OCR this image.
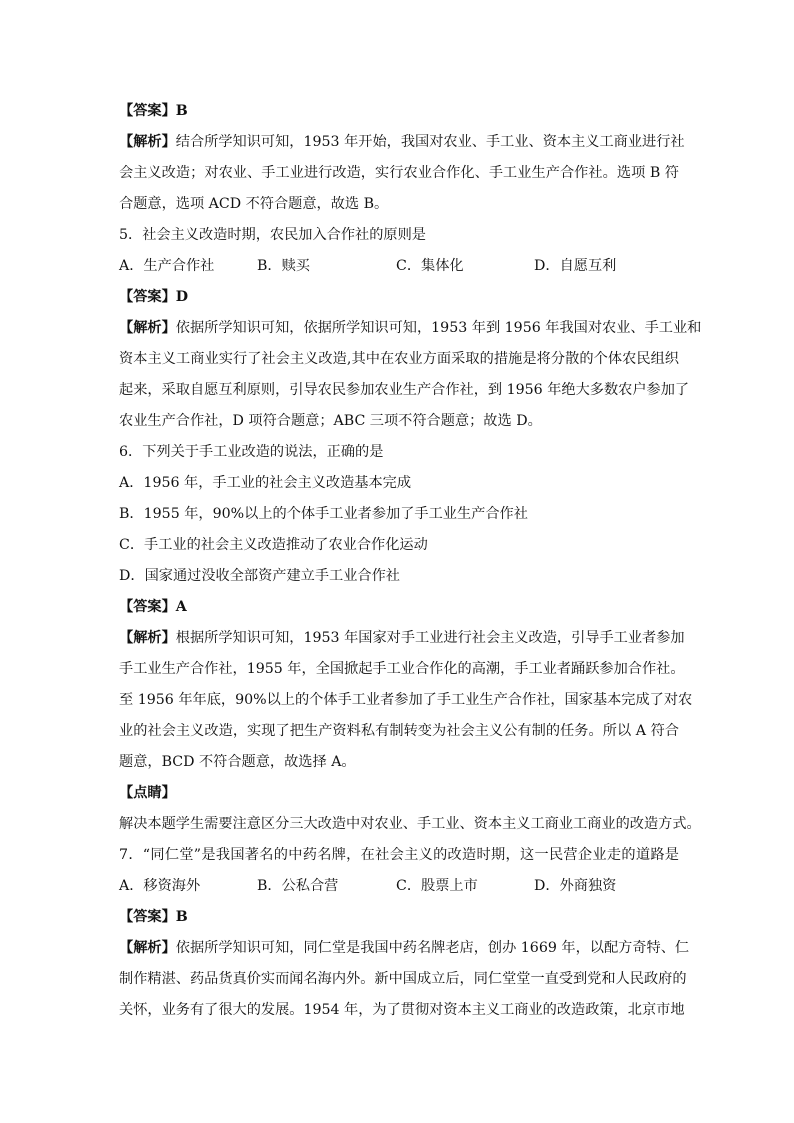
【答案】B
【解析】结合所学知识可知，1953 年开始，我国对农业、手工业、资本主义工商业进行社
会主义改造；对农业、手工业进行改造，实行农业合作化、手工业生产合作社。选项 B 符
合题意，选项 ACD 不符合题意，故选 B。
5．社会主义改造时期，农民加入合作社的原则是
A．生产合作社	B．赎买	C．集体化	D．自愿互利
【答案】D
【解析】依据所学知识可知，依据所学知识可知，1953 年到 1956 年我国对农业、手工业和
资本主义工商业实行了社会主义改造,其中在农业方面采取的措施是将分散的个体农民组织
起来，采取自愿互利原则，引导农民参加农业生产合作社，到 1956 年绝大多数农户参加了
农业生产合作社，D 项符合题意；ABC 三项不符合题意；故选 D。
6．下列关于手工业改造的说法，正确的是
A．1956 年，手工业的社会主义改造基本完成
B．1955 年，90%以上的个体手工业者参加了手工业生产合作社
C．手工业的社会主义改造推动了农业合作化运动
D．国家通过没收全部资产建立手工业合作社
【答案】A
【解析】根据所学知识可知，1953 年国家对手工业进行社会主义改造，引导手工业者参加
手工业生产合作社，1955 年，全国掀起手工业合作化的高潮，手工业者踊跃参加合作社。
至 1956 年年底，90%以上的个体手工业者参加了手工业生产合作社，国家基本完成了对农
业的社会主义改造，实现了把生产资料私有制转变为社会主义公有制的任务。所以 A 符合
题意，BCD 不符合题意，故选择 A。
【点睛】
解决本题学生需要注意区分三大改造中对农业、手工业、资本主义工商业工商业的改造方式。
7．“同仁堂”是我国著名的中药名牌，在社会主义的改造时期，这一民营企业走的道路是
A．移资海外	B．公私合营	C．股票上市	D．外商独资
【答案】B
【解析】依据所学知识可知，同仁堂是我国中药名牌老店，创办 1669 年，以配方奇特、仁
制作精湛、药品货真价实而闻名海内外。新中国成立后，同仁堂堂一直受到党和人民政府的
关怀，业务有了很大的发展。1954 年，为了贯彻对资本主义工商业的改造政策，北京市地
